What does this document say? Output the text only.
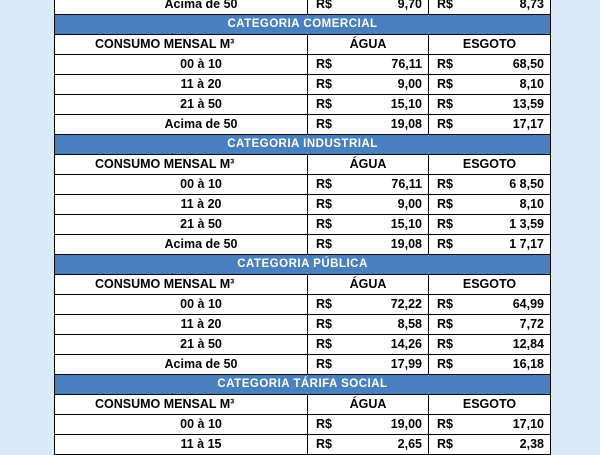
Acima de 50	R$ 9,70	R$ 8,73

CATEGORIA COMERCIAL		
CONSUMO MENSAL M³	ÁGUA	ESGOTO
00 à 10	R$ 76,11	R$ 68,50

11 à 20	R$ 9,00	R$ 8,10

21 à 50	R$ 15,10	R$ 13,59

Acima de 50	R$ 19,08	R$ 17,17

CATEGORIA INDUSTRIAL		
CONSUMO MENSAL M³	ÁGUA	ESGOTO
00 à 10	R$ 76,11	R$ 6 8,50

11 à 20	R$ 9,00	R$ 8,10

21 à 50	R$ 15,10	R$ 1 3,59

Acima de 50	R$ 19,08	R$ 1 7,17

CATEGORIA PÚBLICA		
CONSUMO MENSAL M³	ÁGUA	ESGOTO
00 à 10	R$ 72,22	R$ 64,99

11 à 20	R$ 8,58	R$ 7,72

21 à 50	R$ 14,26	R$ 12,84

Acima de 50	R$ 17,99	R$ 16,18

CATEGORIA TÁRIFA SOCIAL		
CONSUMO MENSAL M³	ÁGUA	ESGOTO
00 à 10	R$ 19,00	R$ 17,10

11 à 15	R$ 2,65	R$ 2,38
